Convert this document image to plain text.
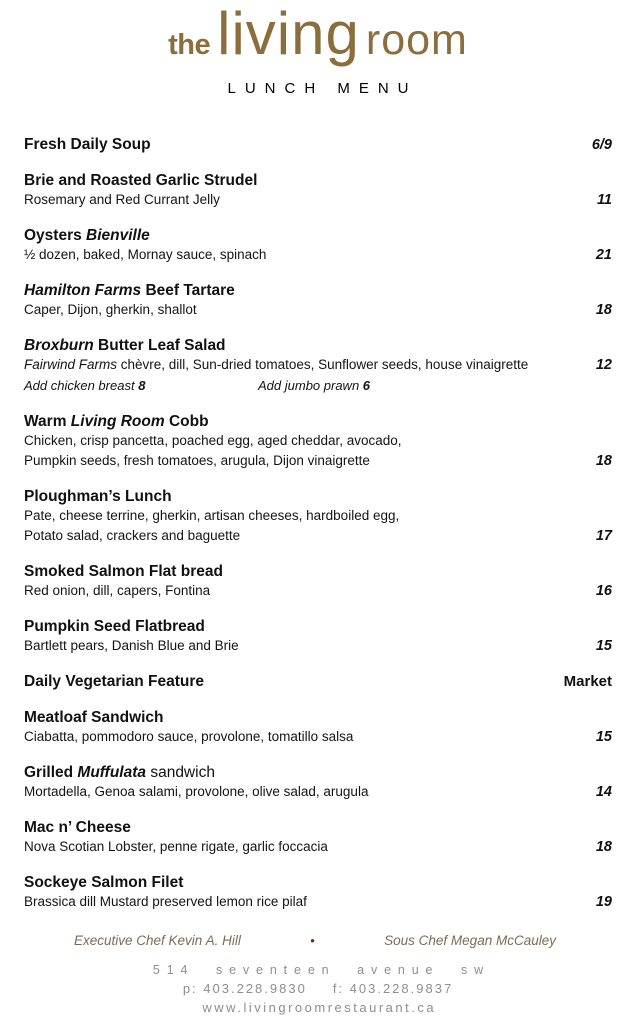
the living room
LUNCH MENU
Fresh Daily Soup	6/9
Brie and Roasted Garlic Strudel
Rosemary and Red Currant Jelly	11
Oysters Bienville
½ dozen, baked, Mornay sauce, spinach	21
Hamilton Farms Beef Tartare
Caper, Dijon, gherkin, shallot	18
Broxburn Butter Leaf Salad
Fairwind Farms chèvre, dill, Sun-dried tomatoes, Sunflower seeds, house vinaigrette	12
Add chicken breast 8	Add jumbo prawn 6
Warm Living Room Cobb
Chicken, crisp pancetta, poached egg, aged cheddar, avocado,
Pumpkin seeds, fresh tomatoes, arugula, Dijon vinaigrette	18
Ploughman’s Lunch
Pate, cheese terrine, gherkin, artisan cheeses, hardboiled egg,
Potato salad, crackers and baguette	17
Smoked Salmon Flat bread
Red onion, dill, capers, Fontina	16
Pumpkin Seed Flatbread
Bartlett pears, Danish Blue and Brie	15
Daily Vegetarian Feature	Market
Meatloaf Sandwich
Ciabatta, pommodoro sauce, provolone, tomatillo salsa	15
Grilled Muffulata sandwich
Mortadella, Genoa salami, provolone, olive salad, arugula	14
Mac n’ Cheese
Nova Scotian Lobster, penne rigate, garlic foccacia	18
Sockeye Salmon Filet
Brassica dill Mustard preserved lemon rice pilaf	19
Executive Chef Kevin A. Hill	•	Sous Chef Megan McCauley
514 seventeen avenue sw
p: 403.228.9830 f: 403.228.9837
www.livingroomrestaurant.ca
